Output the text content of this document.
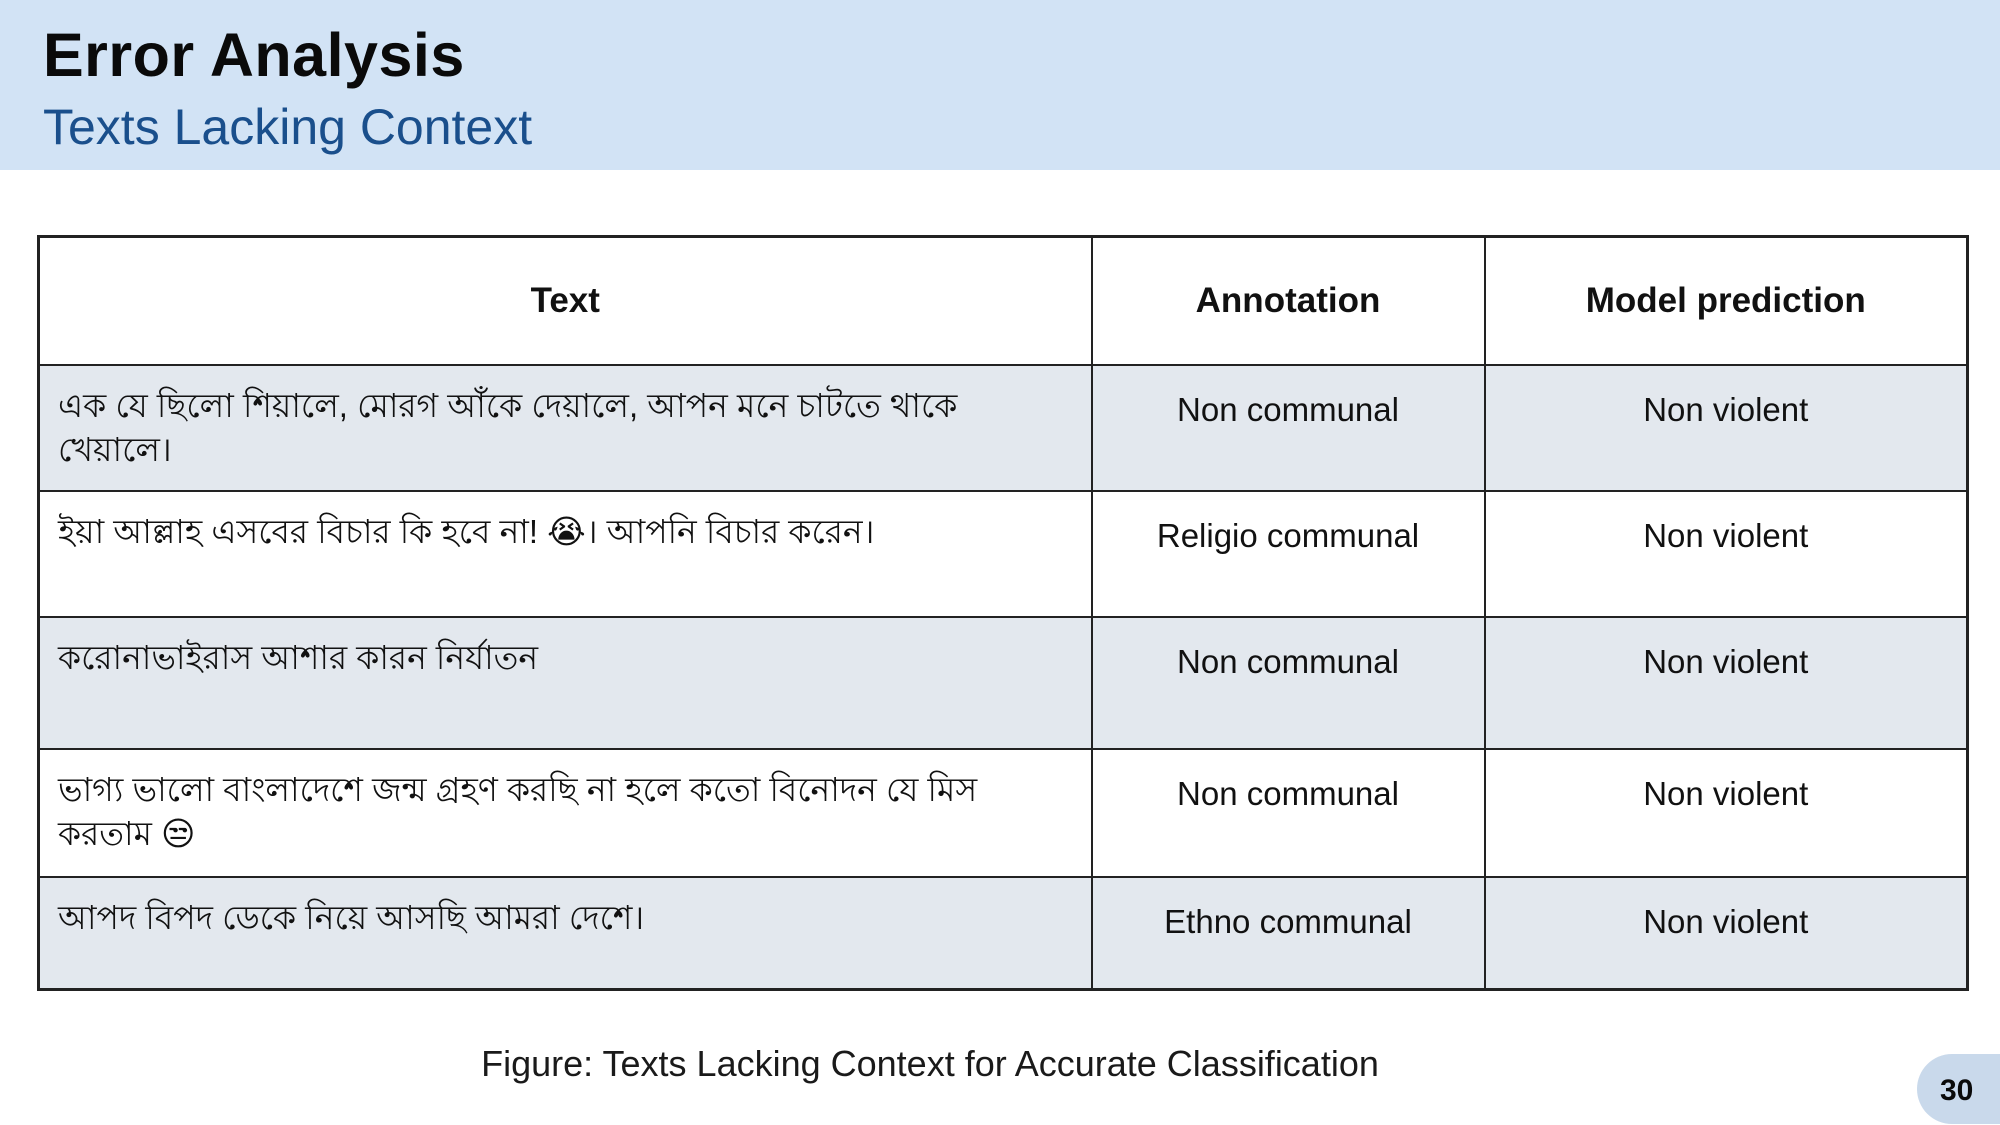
Error Analysis
Texts Lacking Context
Text	Annotation	Model prediction
এক যে ছিলো শিয়ালে, মোরগ আঁকে দেয়ালে, আপন মনে চাটতে থাকে খেয়ালে।	Non communal	Non violent
ইয়া আল্লাহ এসবের বিচার কি হবে না! 😭। আপনি বিচার করেন।	Religio communal	Non violent
করোনাভাইরাস আশার কারন নির্যাতন	Non communal	Non violent
ভাগ্য ভালো বাংলাদেশে জন্ম গ্রহণ করছি না হলে কতো বিনোদন যে মিস করতাম 😒	Non communal	Non violent
আপদ বিপদ ডেকে নিয়ে আসছি আমরা দেশে।	Ethno communal	Non violent
Figure: Texts Lacking Context for Accurate Classification
30
